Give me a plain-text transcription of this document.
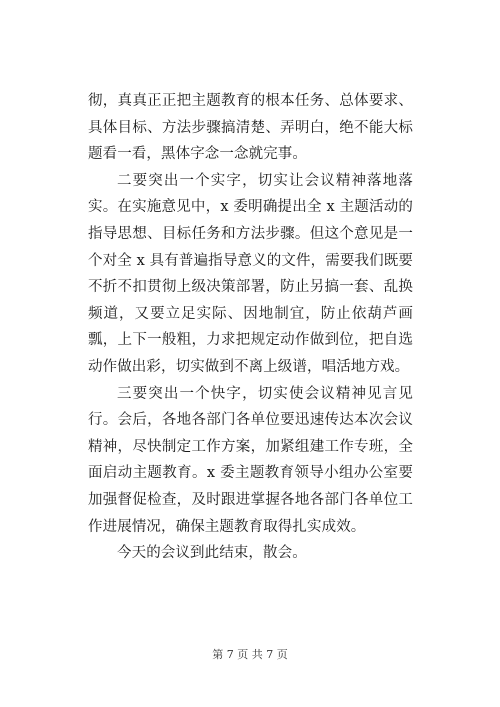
彻，真真正正把主题教育的根本任务、总体要求、具体目标、方法步骤搞清楚、弄明白，绝不能大标题看一看，黑体字念一念就完事。

二要突出一个实字，切实让会议精神落地落实。在实施意见中，x 委明确提出全 x 主题活动的指导思想、目标任务和方法步骤。但这个意见是一个对全 x 具有普遍指导意义的文件，需要我们既要不折不扣贯彻上级决策部署，防止另搞一套、乱换频道，又要立足实际、因地制宜，防止依葫芦画瓢，上下一般粗，力求把规定动作做到位，把自选动作做出彩，切实做到不离上级谱，唱活地方戏。

三要突出一个快字，切实使会议精神见言见行。会后，各地各部门各单位要迅速传达本次会议精神，尽快制定工作方案，加紧组建工作专班，全面启动主题教育。x 委主题教育领导小组办公室要加强督促检查，及时跟进掌握各地各部门各单位工作进展情况，确保主题教育取得扎实成效。

今天的会议到此结束，散会。

第 7 页 共 7 页
